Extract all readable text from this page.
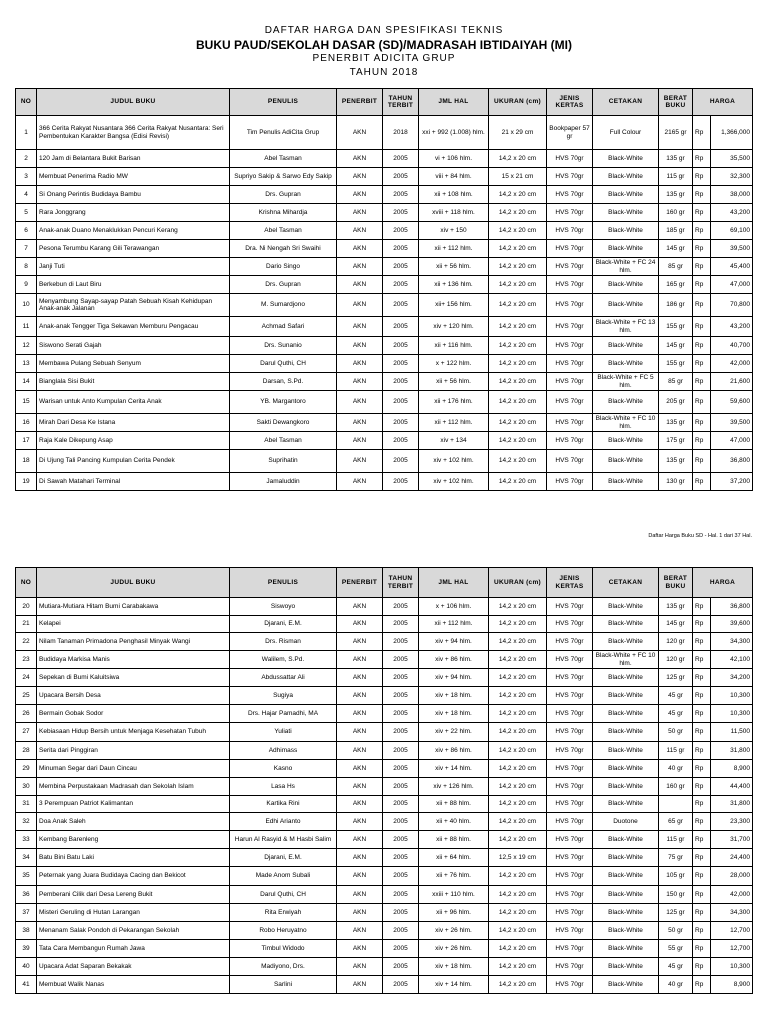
DAFTAR HARGA DAN SPESIFIKASI TEKNIS
BUKU PAUD/SEKOLAH DASAR (SD)/MADRASAH IBTIDAIYAH (MI)
PENERBIT ADICITA GRUP
TAHUN 2018
NO	JUDUL BUKU	PENULIS	PENERBIT	TAHUN TERBIT	JML HAL	UKURAN (cm)	JENIS KERTAS	CETAKAN	BERAT BUKU	HARGA	
1	366 Cerita Rakyat Nusantara 366 Cerita Rakyat Nusantara: Seri Pembentukan Karakter Bangsa (Edisi Revisi)	Tim Penulis AdiCita Grup	AKN	2018	xxi + 992 (1.008) hlm.	21 x 29 cm	Bookpaper 57 gr	Full Colour	2165 gr	Rp	1,366,000
2	120 Jam di Belantara Bukit Barisan	Abel Tasman	AKN	2005	vi + 106 hlm.	14,2 x 20 cm	HVS 70gr	Black-White	135 gr	Rp	35,500
3	Membuat Penerima Radio MW	Supriyo Sakip & Sarwo Edy Sakip	AKN	2005	viii + 84 hlm.	15 x 21 cm	HVS 70gr	Black-White	115 gr	Rp	32,300
4	Si Onang Perintis Budidaya Bambu	Drs. Gupran	AKN	2005	xii + 108 hlm.	14,2 x 20 cm	HVS 70gr	Black-White	135 gr	Rp	38,000
5	Rara Jonggrang	Krishna Mihardja	AKN	2005	xviii + 118 hlm.	14,2 x 20 cm	HVS 70gr	Black-White	160 gr	Rp	43,200
6	Anak-anak Duano Menaklukkan Pencuri Kerang	Abel Tasman	AKN	2005	xiv + 150	14,2 x 20 cm	HVS 70gr	Black-White	185 gr	Rp	69,100
7	Pesona Terumbu Karang Gili Terawangan	Dra. Ni Nengah Sri Swaihi	AKN	2005	xii + 112 hlm.	14,2 x 20 cm	HVS 70gr	Black-White	145 gr	Rp	39,500
8	Janji Tuti	Dario Singo	AKN	2005	xii + 56 hlm.	14,2 x 20 cm	HVS 70gr	Black-White + FC 24 hlm.	85 gr	Rp	45,400
9	Berkebun di Laut Biru	Drs. Gupran	AKN	2005	xii + 136 hlm.	14,2 x 20 cm	HVS 70gr	Black-White	165 gr	Rp	47,000
10	Menyambung Sayap-sayap Patah Sebuah Kisah Kehidupan Anak-anak Jalanan	M. Sumardjono	AKN	2005	xii+ 156 hlm.	14,2 x 20 cm	HVS 70gr	Black-White	186 gr	Rp	70,800
11	Anak-anak Tengger Tiga Sekawan Memburu Pengacau	Achmad Safari	AKN	2005	xiv + 120 hlm.	14,2 x 20 cm	HVS 70gr	Black-White + FC 13 hlm.	155 gr	Rp	43,200
12	Siswono Serati Gajah	Drs. Sunanio	AKN	2005	xii + 116 hlm.	14,2 x 20 cm	HVS 70gr	Black-White	145 gr	Rp	40,700
13	Membawa Pulang Sebuah Senyum	Darul Quthi, CH	AKN	2005	x + 122 hlm.	14,2 x 20 cm	HVS 70gr	Black-White	155 gr	Rp	42,000
14	Bianglala Sisi Bukit	Darsan, S.Pd.	AKN	2005	xii + 56 hlm.	14,2 x 20 cm	HVS 70gr	Black-White + FC 5 hlm.	85 gr	Rp	21,600
15	Warisan untuk Anto Kumpulan Cerita Anak	YB. Margantoro	AKN	2005	xii + 176 hlm.	14,2 x 20 cm	HVS 70gr	Black-White	205 gr	Rp	59,600
16	Mirah Dari Desa Ke Istana	Sakti Dewangkoro	AKN	2005	xii + 112 hlm.	14,2 x 20 cm	HVS 70gr	Black-White + FC 10 hlm.	135 gr	Rp	39,500
17	Raja Kale Dikepung Asap	Abel Tasman	AKN	2005	xiv + 134	14,2 x 20 cm	HVS 70gr	Black-White	175 gr	Rp	47,000
18	Di Ujung Tali Pancing Kumpulan Cerita Pendek	Suprihatin	AKN	2005	xiv + 102 hlm.	14,2 x 20 cm	HVS 70gr	Black-White	135 gr	Rp	36,800
19	Di Sawah Matahari Terminal	Jamaluddin	AKN	2005	xiv + 102 hlm.	14,2 x 20 cm	HVS 70gr	Black-White	130 gr	Rp	37,200
Daftar Harga Buku SD - Hal. 1 dari 37 Hal.
NO	JUDUL BUKU	PENULIS	PENERBIT	TAHUN TERBIT	JML HAL	UKURAN (cm)	JENIS KERTAS	CETAKAN	BERAT BUKU	HARGA	
20	Mutiara-Mutiara Hitam Bumi Carabakawa	Siswoyo	AKN	2005	x + 106 hlm.	14,2 x 20 cm	HVS 70gr	Black-White	135 gr	Rp	36,800
21	Kelapei	Djarani, E.M.	AKN	2005	xii + 112 hlm.	14,2 x 20 cm	HVS 70gr	Black-White	145 gr	Rp	39,600
22	Nilam Tanaman Primadona Penghasil Minyak Wangi	Drs. Risman	AKN	2005	xiv + 94 hlm.	14,2 x 20 cm	HVS 70gr	Black-White	120 gr	Rp	34,300
23	Budidaya Markisa Manis	Walilem, S.Pd.	AKN	2005	xiv + 86 hlm.	14,2 x 20 cm	HVS 70gr	Black-White + FC 10 hlm.	120 gr	Rp	42,100
24	Sepekan di Bumi Kaluitsiwa	Abdussattar Ali	AKN	2005	xiv + 94 hlm.	14,2 x 20 cm	HVS 70gr	Black-White	125 gr	Rp	34,200
25	Upacara Bersih Desa	Sugiya	AKN	2005	xiv + 18 hlm.	14,2 x 20 cm	HVS 70gr	Black-White	45 gr	Rp	10,300
26	Bermain Gobak Sodor	Drs. Hajar Pamadhi, MA	AKN	2005	xiv + 18 hlm.	14,2 x 20 cm	HVS 70gr	Black-White	45 gr	Rp	10,300
27	Kebiasaan Hidup Bersih untuk Menjaga Kesehatan Tubuh	Yuliati	AKN	2005	xiv + 22 hlm.	14,2 x 20 cm	HVS 70gr	Black-White	50 gr	Rp	11,500
28	Serita dari Pinggiran	Adhimass	AKN	2005	xiv + 86 hlm.	14,2 x 20 cm	HVS 70gr	Black-White	115 gr	Rp	31,800
29	Minuman Segar dari Daun Cincau	Kasno	AKN	2005	xiv + 14 hlm.	14,2 x 20 cm	HVS 70gr	Black-White	40 gr	Rp	8,900
30	Membina Perpustakaan Madrasah dan Sekolah Islam	Lasa Hs	AKN	2005	xiv + 126 hlm.	14,2 x 20 cm	HVS 70gr	Black-White	160 gr	Rp	44,400
31	3 Perempuan Patriot Kalimantan	Kartika Rini	AKN	2005	xii + 88 hlm.	14,2 x 20 cm	HVS 70gr	Black-White		Rp	31,800
32	Doa Anak Saleh	Edhi Arianto	AKN	2005	xii + 40 hlm.	14,2 x 20 cm	HVS 70gr	Duotone	65 gr	Rp	23,300
33	Kembang Barenleng	Harun Al Rasyid & M Hasbi Salim	AKN	2005	xii + 88 hlm.	14,2 x 20 cm	HVS 70gr	Black-White	115 gr	Rp	31,700
34	Batu Bini Batu Laki	Djarani, E.M.	AKN	2005	xii + 64 hlm.	12,5 x 19 cm	HVS 70gr	Black-White	75 gr	Rp	24,400
35	Peternak yang Juara Budidaya Cacing dan Bekicot	Made Anom Subali	AKN	2005	xii + 76 hlm.	14,2 x 20 cm	HVS 70gr	Black-White	105 gr	Rp	28,000
36	Pemberani Cilik dari Desa Lereng Bukit	Darul Quthi, CH	AKN	2005	xxiii + 110 hlm.	14,2 x 20 cm	HVS 70gr	Black-White	150 gr	Rp	42,000
37	Misteri Geruling di Hutan Larangan	Rita Erwiyah	AKN	2005	xii + 96 hlm.	14,2 x 20 cm	HVS 70gr	Black-White	125 gr	Rp	34,300
38	Menanam Salak Pondoh di Pekarangan Sekolah	Robo Heruyatno	AKN	2005	xiv + 26 hlm.	14,2 x 20 cm	HVS 70gr	Black-White	50 gr	Rp	12,700
39	Tata Cara Membangun Rumah Jawa	Timbul Widodo	AKN	2005	xiv + 26 hlm.	14,2 x 20 cm	HVS 70gr	Black-White	55 gr	Rp	12,700
40	Upacara Adat Saparan Bekakak	Madiyono, Drs.	AKN	2005	xiv + 18 hlm.	14,2 x 20 cm	HVS 70gr	Black-White	45 gr	Rp	10,300
41	Membuat Walik Nanas	Sarlini	AKN	2005	xiv + 14 hlm.	14,2 x 20 cm	HVS 70gr	Black-White	40 gr	Rp	8,900
